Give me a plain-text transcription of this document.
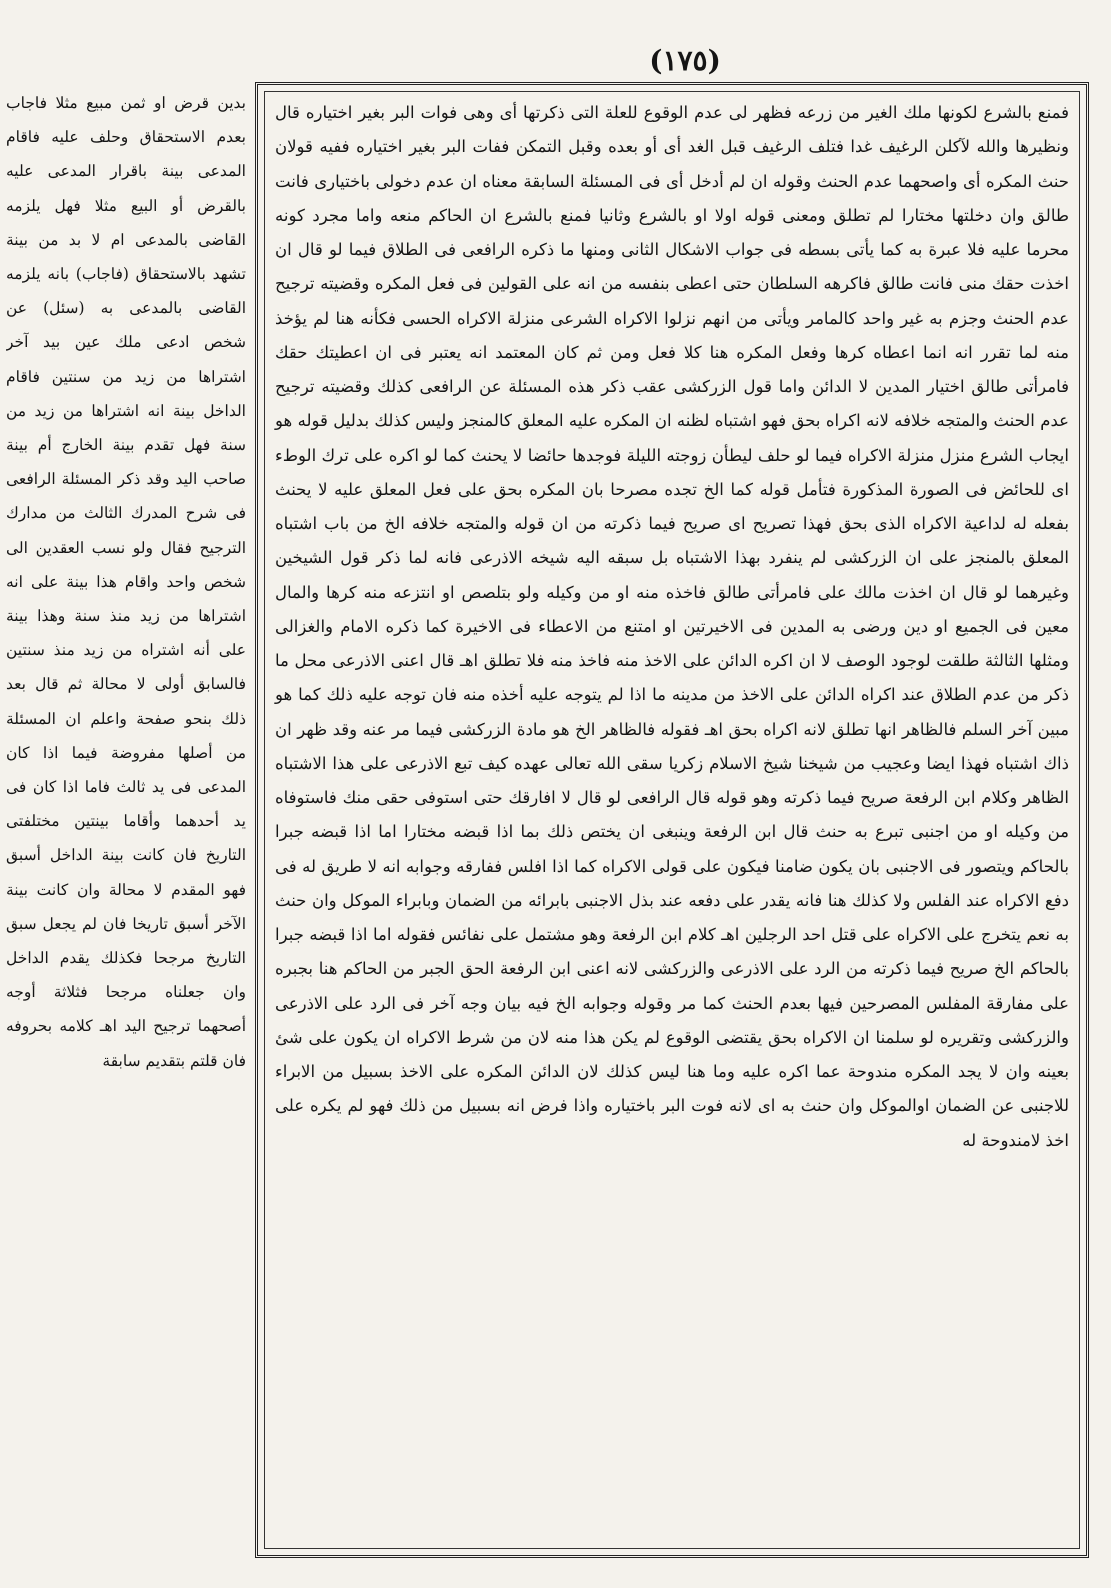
(١٧٥)

فمنع بالشرع لكونها ملك الغير من زرعه فظهر لى عدم الوقوع للعلة التى ذكرتها أى وهى فوات البر بغير اختياره قال ونظيرها والله لآكلن الرغيف غدا فتلف الرغيف قبل الغد أى أو بعده وقبل التمكن ففات البر بغير اختياره ففيه قولان حنث المكره أى واصحهما عدم الحنث وقوله ان لم أدخل أى فى المسئلة السابقة معناه ان عدم دخولى باختيارى فانت طالق وان دخلتها مختارا لم تطلق ومعنى قوله اولا او بالشرع وثانيا فمنع بالشرع ان الحاكم منعه واما مجرد كونه محرما عليه فلا عبرة به كما يأتى بسطه فى جواب الاشكال الثانى ومنها ما ذكره الرافعى فى الطلاق فيما لو قال ان اخذت حقك منى فانت طالق فاكرهه السلطان حتى اعطى بنفسه من انه على القولين فى فعل المكره وقضيته ترجيح عدم الحنث وجزم به غير واحد كالمامر ويأتى من انهم نزلوا الاكراه الشرعى منزلة الاكراه الحسى فكأنه هنا لم يؤخذ منه لما تقرر انه انما اعطاه كرها وفعل المكره هنا كلا فعل ومن ثم كان المعتمد انه يعتبر فى ان اعطيتك حقك فامرأتى طالق اختيار المدين لا الدائن واما قول الزركشى عقب ذكر هذه المسئلة عن الرافعى كذلك وقضيته ترجيح عدم الحنث والمتجه خلافه لانه اكراه بحق فهو اشتباه لظنه ان المكره عليه المعلق كالمنجز وليس كذلك بدليل قوله هو ايجاب الشرع منزل منزلة الاكراه فيما لو حلف ليطأن زوجته الليلة فوجدها حائضا لا يحنث كما لو اكره على ترك الوطء اى للحائض فى الصورة المذكورة فتأمل قوله كما الخ تجده مصرحا بان المكره بحق على فعل المعلق عليه لا يحنث بفعله له لداعية الاكراه الذى بحق فهذا تصريح اى صريح فيما ذكرته من ان قوله والمتجه خلافه الخ من باب اشتباه المعلق بالمنجز على ان الزركشى لم ينفرد بهذا الاشتباه بل سبقه اليه شيخه الاذرعى فانه لما ذكر قول الشيخين وغيرهما لو قال ان اخذت مالك على فامرأتى طالق فاخذه منه او من وكيله ولو بتلصص او انتزعه منه كرها والمال معين فى الجميع او دين ورضى به المدين فى الاخيرتين او امتنع من الاعطاء فى الاخيرة كما ذكره الامام والغزالى ومثلها الثالثة طلقت لوجود الوصف لا ان اكره الدائن على الاخذ منه فاخذ منه فلا تطلق اهـ قال اعنى الاذرعى محل ما ذكر من عدم الطلاق عند اكراه الدائن على الاخذ من مدينه ما اذا لم يتوجه عليه أخذه منه فان توجه عليه ذلك كما هو مبين آخر السلم فالظاهر انها تطلق لانه اكراه بحق اهـ فقوله فالظاهر الخ هو مادة الزركشى فيما مر عنه وقد ظهر ان ذاك اشتباه فهذا ايضا وعجيب من شيخنا شيخ الاسلام زكريا سقى الله تعالى عهده كيف تبع الاذرعى على هذا الاشتباه الظاهر وكلام ابن الرفعة صريح فيما ذكرته وهو قوله قال الرافعى لو قال لا افارقك حتى استوفى حقى منك فاستوفاه من وكيله او من اجنبى تبرع به حنث قال ابن الرفعة وينبغى ان يختص ذلك بما اذا قبضه مختارا اما اذا قبضه جبرا بالحاكم ويتصور فى الاجنبى بان يكون ضامنا فيكون على قولى الاكراه كما اذا افلس ففارقه وجوابه انه لا طريق له فى دفع الاكراه عند الفلس ولا كذلك هنا فانه يقدر على دفعه عند بذل الاجنبى بابرائه من الضمان وبابراء الموكل وان حنث به نعم يتخرج على الاكراه على قتل احد الرجلين اهـ كلام ابن الرفعة وهو مشتمل على نفائس فقوله اما اذا قبضه جبرا بالحاكم الخ صريح فيما ذكرته من الرد على الاذرعى والزركشى لانه اعنى ابن الرفعة الحق الجبر من الحاكم هنا بجبره على مفارقة المفلس المصرحين فيها بعدم الحنث كما مر وقوله وجوابه الخ فيه بيان وجه آخر فى الرد على الاذرعى والزركشى وتقريره لو سلمنا ان الاكراه بحق يقتضى الوقوع لم يكن هذا منه لان من شرط الاكراه ان يكون على شئ بعينه وان لا يجد المكره مندوحة عما اكره عليه وما هنا ليس كذلك لان الدائن المكره على الاخذ بسبيل من الابراء للاجنبى عن الضمان اوالموكل وان حنث به اى لانه فوت البر باختياره واذا فرض انه بسبيل من ذلك فهو لم يكره على اخذ لامندوحة له

بدين قرض او ثمن مبيع مثلا فاجاب بعدم الاستحقاق وحلف عليه فاقام المدعى بينة باقرار المدعى عليه بالقرض أو البيع مثلا فهل يلزمه القاضى بالمدعى ام لا بد من بينة تشهد بالاستحقاق (فاجاب) بانه يلزمه القاضى بالمدعى به (سئل) عن شخص ادعى ملك عين بيد آخر اشتراها من زيد من سنتين فاقام الداخل بينة انه اشتراها من زيد من سنة فهل تقدم بينة الخارج أم بينة صاحب اليد وقد ذكر المسئلة الرافعى فى شرح المدرك الثالث من مدارك الترجيح فقال ولو نسب العقدين الى شخص واحد واقام هذا بينة على انه اشتراها من زيد منذ سنة وهذا بينة على أنه اشتراه من زيد منذ سنتين فالسابق أولى لا محالة ثم قال بعد ذلك بنحو صفحة واعلم ان المسئلة من أصلها مفروضة فيما اذا كان المدعى فى يد ثالث فاما اذا كان فى يد أحدهما وأقاما بينتين مختلفتى التاريخ فان كانت بينة الداخل أسبق فهو المقدم لا محالة وان كانت بينة الآخر أسبق تاريخا فان لم يجعل سبق التاريخ مرجحا فكذلك يقدم الداخل وان جعلناه مرجحا فثلاثة أوجه أصحهما ترجيح اليد اهـ كلامه بحروفه فان قلتم بتقديم سابقة
